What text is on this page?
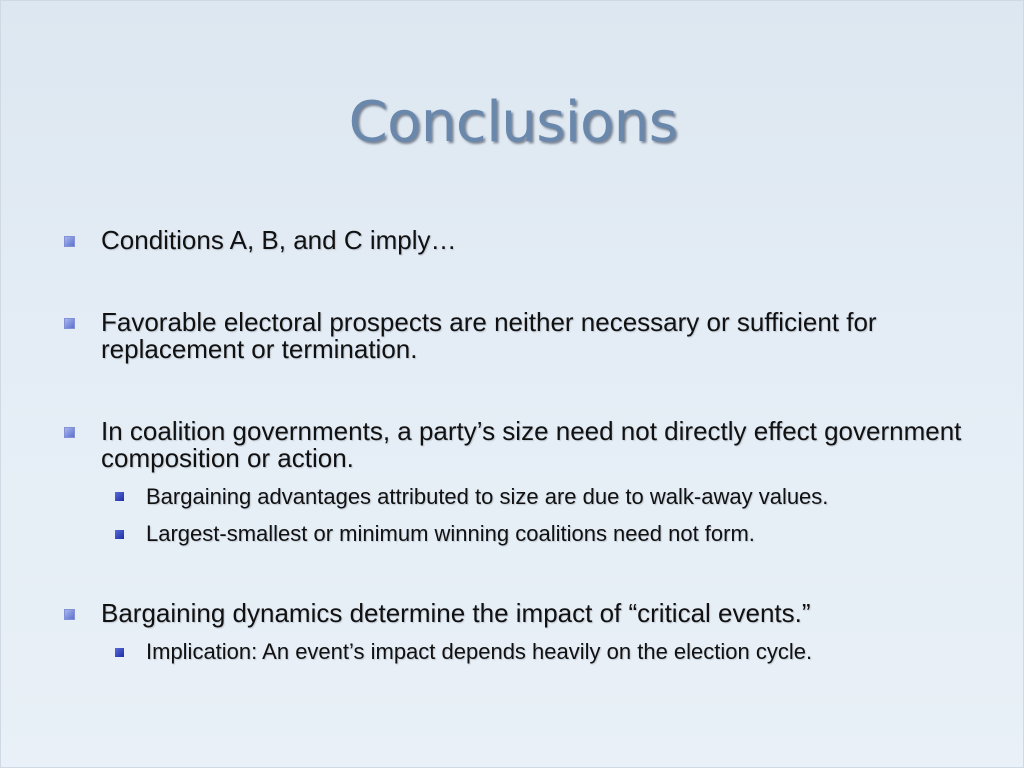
Conclusions
Conditions A, B, and C imply…
Favorable electoral prospects are neither necessary or sufficient for replacement or termination.
In coalition governments, a party’s size need not directly effect government composition or action.
Bargaining advantages attributed to size are due to walk-away values.
Largest-smallest or minimum winning coalitions need not form.
Bargaining dynamics determine the impact of “critical events.”
Implication: An event’s impact depends heavily on the election cycle.
